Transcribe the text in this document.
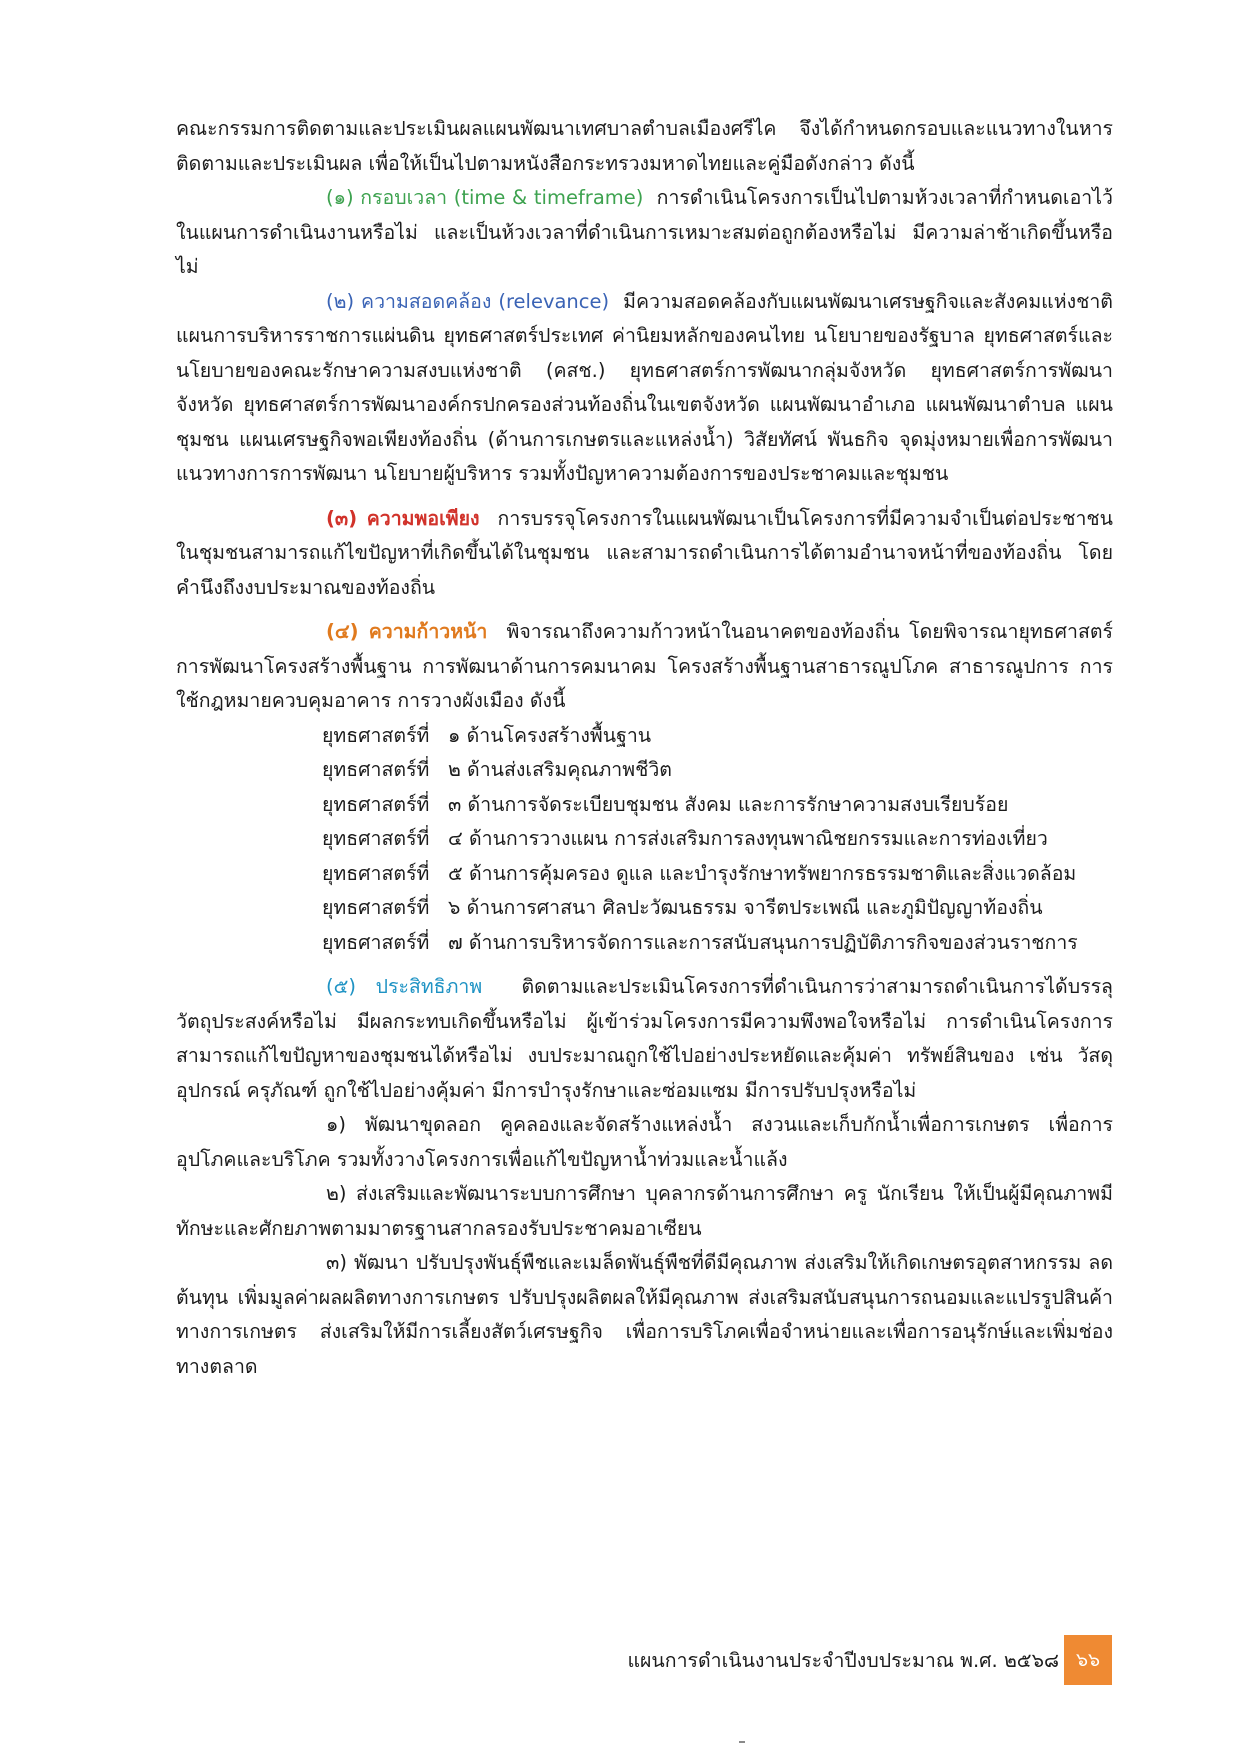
คณะกรรมการติดตามและประเมินผลแผนพัฒนาเทศบาลตำบลเมืองศรีไค จึงได้กำหนดกรอบและแนวทางในหารติดตามและประเมินผล เพื่อให้เป็นไปตามหนังสือกระทรวงมหาดไทยและคู่มือดังกล่าว ดังนี้

(๑) กรอบเวลา (time & timeframe) การดำเนินโครงการเป็นไปตามห้วงเวลาที่กำหนดเอาไว้ในแผนการดำเนินงานหรือไม่ และเป็นห้วงเวลาที่ดำเนินการเหมาะสมต่อถูกต้องหรือไม่ มีความล่าช้าเกิดขึ้นหรือไม่

(๒) ความสอดคล้อง (relevance) มีความสอดคล้องกับแผนพัฒนาเศรษฐกิจและสังคมแห่งชาติ แผนการบริหารราชการแผ่นดิน ยุทธศาสตร์ประเทศ ค่านิยมหลักของคนไทย นโยบายของรัฐบาล ยุทธศาสตร์และนโยบายของคณะรักษาความสงบแห่งชาติ (คสช.) ยุทธศาสตร์การพัฒนากลุ่มจังหวัด ยุทธศาสตร์การพัฒนาจังหวัด ยุทธศาสตร์การพัฒนาองค์กรปกครองส่วนท้องถิ่นในเขตจังหวัด แผนพัฒนาอำเภอ แผนพัฒนาตำบล แผนชุมชน แผนเศรษฐกิจพอเพียงท้องถิ่น (ด้านการเกษตรและแหล่งน้ำ) วิสัยทัศน์ พันธกิจ จุดมุ่งหมายเพื่อการพัฒนา แนวทางการการพัฒนา นโยบายผู้บริหาร รวมทั้งปัญหาความต้องการของประชาคมและชุมชน

(๓) ความพอเพียง การบรรจุโครงการในแผนพัฒนาเป็นโครงการที่มีความจำเป็นต่อประชาชนในชุมชนสามารถแก้ไขปัญหาที่เกิดขึ้นได้ในชุมชน และสามารถดำเนินการได้ตามอำนาจหน้าที่ของท้องถิ่น โดยคำนึงถึงงบประมาณของท้องถิ่น

(๔) ความก้าวหน้า พิจารณาถึงความก้าวหน้าในอนาคตของท้องถิ่น โดยพิจารณายุทธศาสตร์การพัฒนาโครงสร้างพื้นฐาน การพัฒนาด้านการคมนาคม โครงสร้างพื้นฐานสาธารณูปโภค สาธารณูปการ การใช้กฎหมายควบคุมอาคาร การวางผังเมือง ดังนี้

ยุทธศาสตร์ที่ ๑ ด้านโครงสร้างพื้นฐาน
ยุทธศาสตร์ที่ ๒ ด้านส่งเสริมคุณภาพชีวิต
ยุทธศาสตร์ที่ ๓ ด้านการจัดระเบียบชุมชน สังคม และการรักษาความสงบเรียบร้อย
ยุทธศาสตร์ที่ ๔ ด้านการวางแผน การส่งเสริมการลงทุนพาณิชยกรรมและการท่องเที่ยว
ยุทธศาสตร์ที่ ๕ ด้านการคุ้มครอง ดูแล และบำรุงรักษาทรัพยากรธรรมชาติและสิ่งแวดล้อม
ยุทธศาสตร์ที่ ๖ ด้านการศาสนา ศิลปะวัฒนธรรม จารีตประเพณี และภูมิปัญญาท้องถิ่น
ยุทธศาสตร์ที่ ๗ ด้านการบริหารจัดการและการสนับสนุนการปฏิบัติภารกิจของส่วนราชการ

(๕) ประสิทธิภาพ ติดตามและประเมินโครงการที่ดำเนินการว่าสามารถดำเนินการได้บรรลุวัตถุประสงค์หรือไม่ มีผลกระทบเกิดขึ้นหรือไม่ ผู้เข้าร่วมโครงการมีความพึงพอใจหรือไม่ การดำเนินโครงการสามารถแก้ไขปัญหาของชุมชนได้หรือไม่ งบประมาณถูกใช้ไปอย่างประหยัดและคุ้มค่า ทรัพย์สินของ เช่น วัสดุ อุปกรณ์ ครุภัณฑ์ ถูกใช้ไปอย่างคุ้มค่า มีการบำรุงรักษาและซ่อมแซม มีการปรับปรุงหรือไม่

๑) พัฒนาขุดลอก คูคลองและจัดสร้างแหล่งน้ำ สงวนและเก็บกักน้ำเพื่อการเกษตร เพื่อการอุปโภคและบริโภค รวมทั้งวางโครงการเพื่อแก้ไขปัญหาน้ำท่วมและน้ำแล้ง

๒) ส่งเสริมและพัฒนาระบบการศึกษา บุคลากรด้านการศึกษา ครู นักเรียน ให้เป็นผู้มีคุณภาพมีทักษะและศักยภาพตามมาตรฐานสากลรองรับประชาคมอาเซียน

๓) พัฒนา ปรับปรุงพันธุ์พืชและเมล็ดพันธุ์พืชที่ดีมีคุณภาพ ส่งเสริมให้เกิดเกษตรอุตสาหกรรม ลดต้นทุน เพิ่มมูลค่าผลผลิตทางการเกษตร ปรับปรุงผลิตผลให้มีคุณภาพ ส่งเสริมสนับสนุนการถนอมและแปรรูปสินค้าทางการเกษตร ส่งเสริมให้มีการเลี้ยงสัตว์เศรษฐกิจ เพื่อการบริโภคเพื่อจำหน่ายและเพื่อการอนุรักษ์และเพิ่มช่องทางตลาด

แผนการดำเนินงานประจำปีงบประมาณ พ.ศ. ๒๕๖๘ ๖๖
